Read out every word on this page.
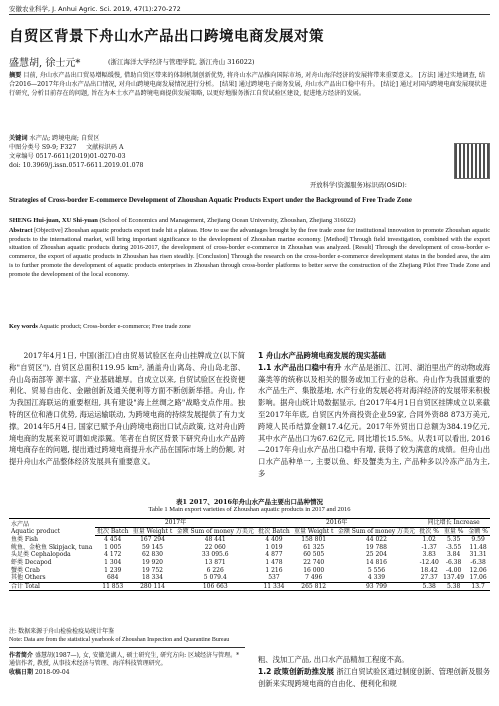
安徽农业科学, J. Anhui Agric. Sci. 2019, 47(1):270-272
自贸区背景下舟山水产品出口跨境电商发展对策
盛慧胡, 徐士元*	(浙江海洋大学经济与管理学院, 浙江舟山 316022)
摘要 目前, 舟山水产品出口贸易增幅缓慢, 借助自贸区带来的体制机制创新优势, 将舟山水产品推向国际市场, 对舟山海洋经济的发展将带来重要意义。 [方法] 通过实地调查, 结合2016—2017年舟山水产品出口情况, 对舟山跨境电商发展情况进行分析。 [结果] 通过跨境电子商务发展, 舟山水产品出口稳中有升。 [结论] 通过对国内跨境电商发展现状进行研究, 分析目前存在的问题, 旨在为本土水产品跨境电商提供发展策略, 以更好地服务浙江自贸试验区建设, 促进地方经济的发展。
关键词 水产品; 跨境电商; 自贸区
中图分类号 S9-9; F327 文献标识码 A
文章编号 0517-6611(2019)01-0270-03
doi: 10.3969/j.issn.0517-6611.2019.01.078
开放科学(资源服务)标识码(OSID):
Strategies of Cross-border E-commerce Development of Zhoushan Aquatic Products Export under the Background of Free Trade Zone
SHENG Hui-juan, XU Shi-yuan (School of Economics and Management, Zhejiang Ocean University, Zhoushan, Zhejiang 316022)
Abstract [Objective] Zhoushan aquatic products export trade hit a plateau. How to use the advantages brought by the free trade zone for institutional innovation to promote Zhoushan aquatic products to the international market, will bring important significance to the development of Zhoushan marine economy. [Method] Through field investigation, combined with the export situation of Zhoushan aquatic products during 2016-2017, the development of cross-border e-commerce in Zhoushan was analyzed. [Result] Through the development of cross-border e-commerce, the export of aquatic products in Zhoushan has risen steadily. [Conclusion] Through the research on the cross-border e-commerce development status in the bonded area, the aim is to further promote the development of aquatic products enterprises in Zhoushan through cross-border platforms to better serve the construction of the Zhejiang Pilot Free Trade Zone and promote the development of the local economy.
Key words Aquatic product; Cross-border e-commerce; Free trade zone
2017年4月1日, 中国(浙江)自由贸易试验区在舟山挂牌成立(以下简称"自贸区"), 自贸区总面积119.95 km², 涵盖舟山离岛、舟山岛北部、舟山岛南部等 源丰富、产业基础雄厚。自成立以来, 自贸试验区在投资便利化、贸易自由化、金融创新及通关便利等方面不断创新举措。舟山, 作为我国江海联运的重要枢纽, 具有建设"海上丝绸之路"战略支点作用。独特的区位和港口优势, 海运运输联动, 为跨境电商的持续发展提供了有力支撑。2014年5月4日, 国家已赋予舟山跨境电商出口试点政策, 这对舟山跨境电商的发展来说可谓如虎添翼。笔者在自贸区背景下研究舟山水产品跨境电商存在的问题, 提出通过跨境电商提升水产品在国际市场上的份额, 对提升舟山水产品整体经济发展具有重要意义。
1 舟山水产品跨境电商发展的现实基础
1.1 水产品出口稳中有升 水产品是浙江、江河、湖泊里出产的动物或海藻类等的统称以及相关的服务或加工行业的总称。舟山作为我国重要的水产品生产、集散基地, 水产行业的发展必将对海洋经济的发展带来积极影响。据舟山统计局数据显示, 自2017年4月1日自贸区挂牌成立以来截至2017年年底, 自贸区内外商投资企业59家, 合同外资88 873万美元, 跨境人民币结算金额17.4亿元。2017年外贸出口总额为384.19亿元, 其中水产品出口为67.62亿元, 同比增长15.5%。从表1可以看出, 2016—2017年舟山水产品出口稳中有增, 获得了较为满意的成绩。但舟山出口水产品种单一, 主要以鱼、虾及蟹类为主, 产品种多以冷冻产品为主, 多
表1 2017、2016年舟山水产品主要出口品种情况
Table 1 Main export varieties of Zhoushan aquatic products in 2017 and 2016
水产品
Aquatic product	2017年			2016年			同比增长 Increase		
	批次 Batch	重量 Weight t	金额 Sum of money 万美元	批次 Batch	重量 Weight t	金额 Sum of money 万美元	批次 %	重量 %	金额 %
鱼类 Fish	4 454	167 294	48 441	4 409	158 801	44 022	1.02	5.35	9.59
鱿鱼、金枪鱼 Skipjack, tuna	1 005	59 145	22 060	1 019	61 325	19 788	-1.37	-3.55	11.48
头足类 Cephalopoda	4 172	62 830	33 095.6	4 877	60 505	25 204	3.83	3.84	31.31
虾类 Decapod	1 304	19 920	13 871	1 478	22 740	14 816	-12.40	-6.38	-6.38
蟹类 Crab	1 239	19 752	6 226	1 216	16 000	5 556	18.42	-4.00	12.06
其他 Others	684	18 334	5 079.4	537	7 496	4 339	27.37	137.49	17.06
合计 Total	11 853	280 114	106 663	11 334	265 812	93 799	5.38	5.38	13.7
注: 数据来源于舟山检验检疫局统计年鉴
Note: Data are from the statistical yearbook of Zhoushan Inspection and Quarantine Bureau
作者简介 盛慧胡(1987—), 女, 安徽芜湖人, 硕士研究生, 研究方向: 区域经济与管理。*通信作者, 教授, 从事技术经济与管理、海洋科技管理研究。
收稿日期 2018-09-04
粗、浅加工产品, 出口水产品精加工程度不高。
1.2 政策创新助推发展 浙江自贸试验区通过制度创新、管理创新及服务创新来实现跨境电商的自由化、便利化和规
